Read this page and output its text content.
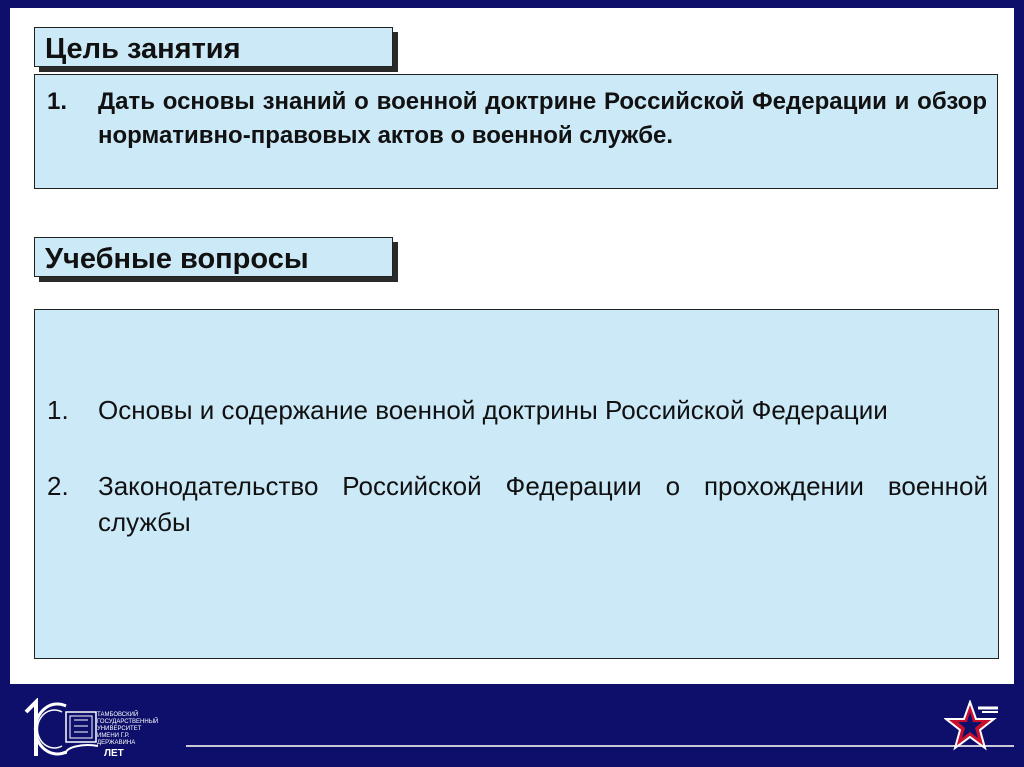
Цель занятия
1. Дать основы знаний о военной доктрине Российской Федерации и обзор нормативно-правовых актов о военной службе.
Учебные вопросы
1. Основы и содержание военной доктрины Российской Федерации
2. Законодательство Российской Федерации о прохождении военной службы
ТАМБОВСКИЙ
ГОСУДАРСТВЕННЫЙ
УНИВЕРСИТЕТ
ИМЕНИ Г.Р. ДЕРЖАВИНА
ЛЕТ
